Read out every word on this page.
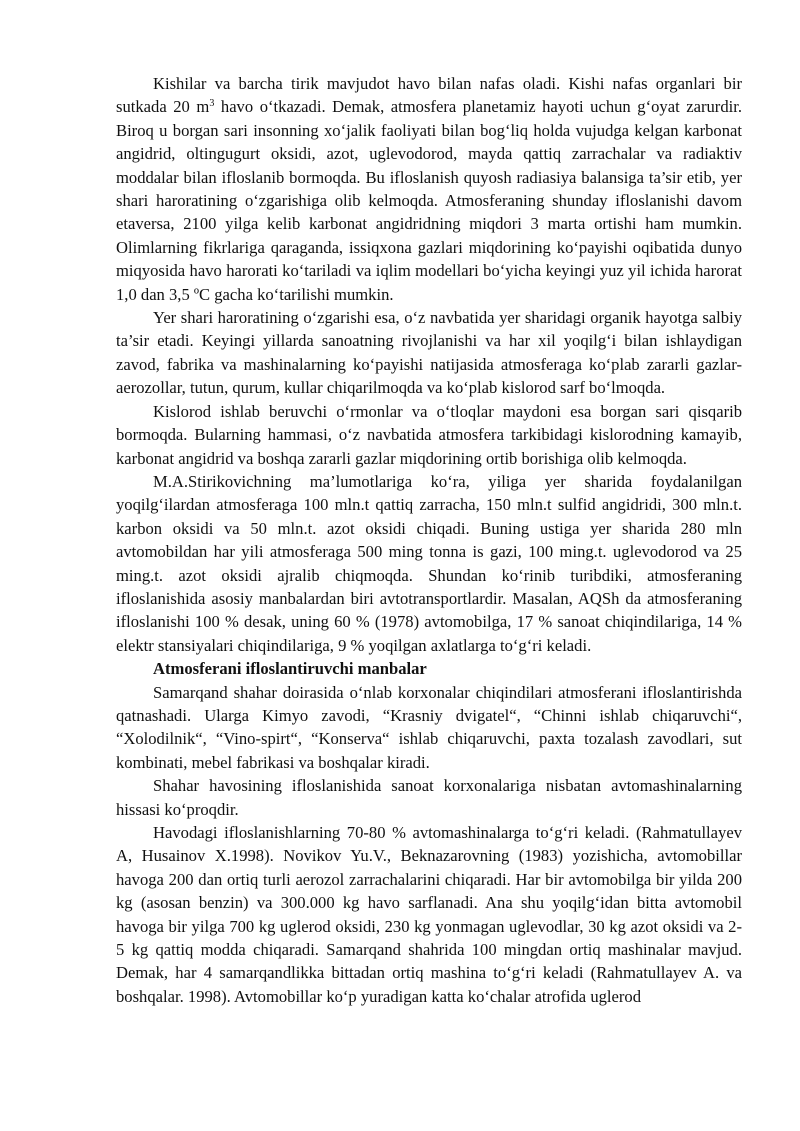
Kishilar va barcha tirik mavjudot havo bilan nafas oladi. Kishi nafas organlari bir sutkada 20 $m^3$ havo o‘tkazadi. Demak, atmosfera planetamiz hayoti uchun g‘oyat zarurdir. Biroq u borgan sari insonning xo‘jalik faoliyati bilan bog‘liq holda vujudga kelgan karbonat angidrid, oltingugurt oksidi, azot, uglevodorod, mayda qattiq zarrachalar va radiaktiv moddalar bilan ifloslanib bormoqda. Bu ifloslanish quyosh radiasiya balansiga ta’sir etib, yer shari haroratining o‘zgarishiga olib kelmoqda. Atmosferaning shunday ifloslanishi davom etaversa, 2100 yilga kelib karbonat angidridning miqdori 3 marta ortishi ham mumkin. Olimlarning fikrlariga qaraganda, issiqxona gazlari miqdorining ko‘payishi oqibatida dunyo miqyosida havo harorati ko‘tariladi va iqlim modellari bo‘yicha keyingi yuz yil ichida harorat 1,0 dan 3,5 ºC gacha ko‘tarilishi mumkin.

Yer shari haroratining o‘zgarishi esa, o‘z navbatida yer sharidagi organik hayotga salbiy ta’sir etadi. Keyingi yillarda sanoatning rivojlanishi va har xil yoqilg‘i bilan ishlaydigan zavod, fabrika va mashinalarning ko‘payishi natijasida atmosferaga ko‘plab zararli gazlar-aerozollar, tutun, qurum, kullar chiqarilmoqda va ko‘plab kislorod sarf bo‘lmoqda.

Kislorod ishlab beruvchi o‘rmonlar va o‘tloqlar maydoni esa borgan sari qisqarib bormoqda. Bularning hammasi, o‘z navbatida atmosfera tarkibidagi kislorodning kamayib, karbonat angidrid va boshqa zararli gazlar miqdorining ortib borishiga olib kelmoqda.

M.A.Stirikovichning ma’lumotlariga ko‘ra, yiliga yer sharida foydalanilgan yoqilg‘ilardan atmosferaga 100 mln.t qattiq zarracha, 150 mln.t sulfid angidridi, 300 mln.t. karbon oksidi va 50 mln.t. azot oksidi chiqadi. Buning ustiga yer sharida 280 mln avtomobildan har yili atmosferaga 500 ming tonna is gazi, 100 ming.t. uglevodorod va 25 ming.t. azot oksidi ajralib chiqmoqda. Shundan ko‘rinib turibdiki, atmosferaning ifloslanishida asosiy manbalardan biri avtotransportlardir. Masalan, AQSh da atmosferaning ifloslanishi 100 % desak, uning 60 % (1978) avtomobilga, 17 % sanoat chiqindilariga, 14 % elektr stansiyalari chiqindilariga, 9 % yoqilgan axlatlarga to‘g‘ri keladi.

Atmosferani ifloslantiruvchi manbalar

Samarqand shahar doirasida o‘nlab korxonalar chiqindilari atmosferani ifloslantirishda qatnashadi. Ularga Kimyo zavodi, “Krasniy dvigatel“, “Chinni ishlab chiqaruvchi“, “Xolodilnik“, “Vino-spirt“, “Konserva“ ishlab chiqaruvchi, paxta tozalash zavodlari, sut kombinati, mebel fabrikasi va boshqalar kiradi.

Shahar havosining ifloslanishida sanoat korxonalariga nisbatan avtomashinalarning hissasi ko‘proqdir.

Havodagi ifloslanishlarning 70-80 % avtomashinalarga to‘g‘ri keladi. (Rahmatullayev A, Husainov X.1998). Novikov Yu.V., Beknazarovning (1983) yozishicha, avtomobillar havoga 200 dan ortiq turli aerozol zarrachalarini chiqaradi. Har bir avtomobilga bir yilda 200 kg (asosan benzin) va 300.000 kg havo sarflanadi. Ana shu yoqilg‘idan bitta avtomobil havoga bir yilga 700 kg uglerod oksidi, 230 kg yonmagan uglevodlar, 30 kg azot oksidi va 2-5 kg qattiq modda chiqaradi. Samarqand shahrida 100 mingdan ortiq mashinalar mavjud. Demak, har 4 samarqandlikka bittadan ortiq mashina to‘g‘ri keladi (Rahmatullayev A. va boshqalar. 1998). Avtomobillar ko‘p yuradigan katta ko‘chalar atrofida uglerod
